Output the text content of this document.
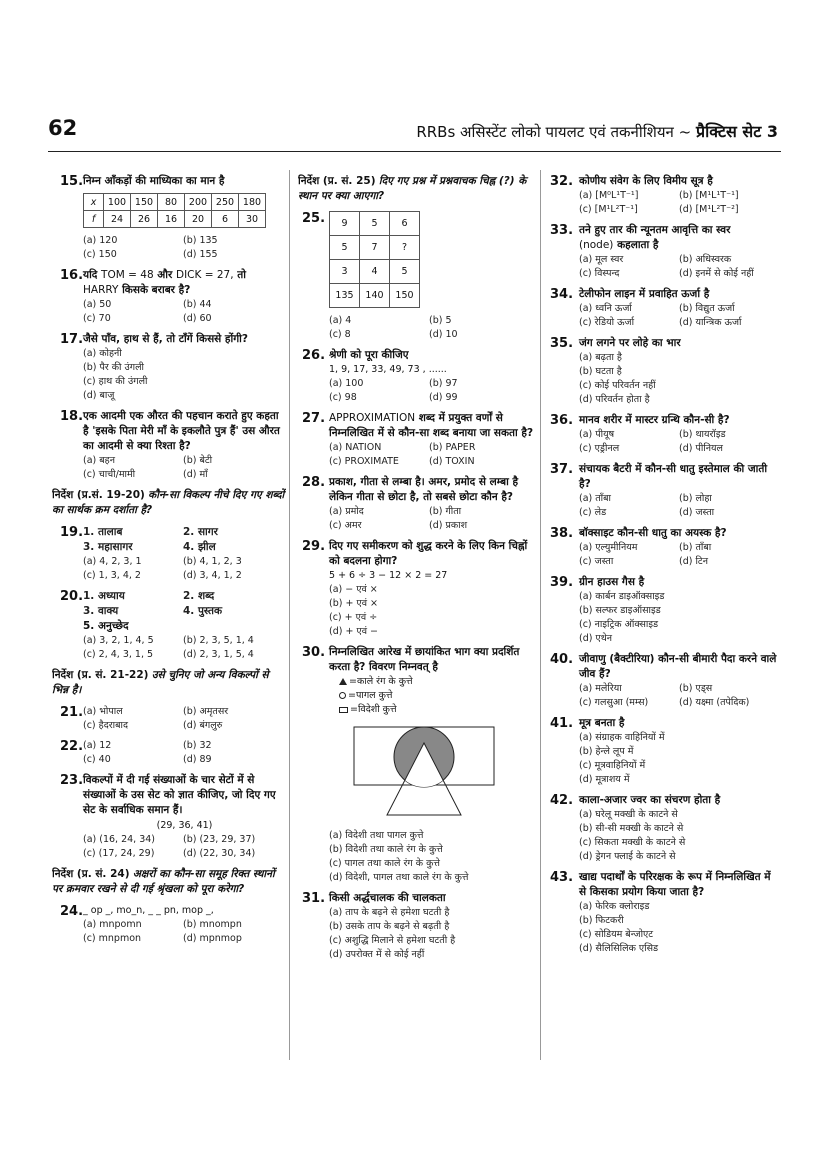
62	RRBs असिस्टेंट लोको पायलट एवं तकनीशियन ~ प्रैक्टिस सेट 3
15. निम्न आँकड़ों की माध्यिका का मान है
x	100	150	80	200	250	180
f	24	26	16	20	6	30
(a) 120	(b) 135
(c) 150	(d) 155
16. यदि TOM = 48 और DICK = 27, तो
HARRY किसके बराबर है?
(a) 50	(b) 44
(c) 70	(d) 60
17. जैसे पाँव, हाथ से हैं, तो टाँगें किससे होंगी?
(a) कोहनी
(b) पैर की उंगली
(c) हाथ की उंगली
(d) बाजू
18. एक आदमी एक औरत की पहचान कराते हुए कहता है 'इसके पिता मेरी माँ के इकलौते पुत्र हैं' उस औरत का आदमी से क्या रिश्ता है?
(a) बहन	(b) बेटी
(c) चाची/मामी	(d) माँ
निर्देश (प्र.सं. 19-20) कौन-सा विकल्प नीचे दिए गए शब्दों का सार्थक क्रम दर्शाता है?
19. 1. तालाब	2. सागर
3. महासागर	4. झील
(a) 4, 2, 3, 1	(b) 4, 1, 2, 3
(c) 1, 3, 4, 2	(d) 3, 4, 1, 2
20. 1. अध्याय	2. शब्द
3. वाक्य	4. पुस्तक
5. अनुच्छेद
(a) 3, 2, 1, 4, 5	(b) 2, 3, 5, 1, 4
(c) 2, 4, 3, 1, 5	(d) 2, 3, 1, 5, 4
निर्देश (प्र. सं. 21-22) उसे चुनिए जो अन्य विकल्पों से भिन्न है।
21. (a) भोपाल	(b) अमृतसर
(c) हैदराबाद	(d) बंगलुरु
22. (a) 12	(b) 32
(c) 40	(d) 89
23. विकल्पों में दी गई संख्याओं के चार सेटों में से संख्याओं के उस सेट को ज्ञात कीजिए, जो दिए गए सेट के सर्वाधिक समान हैं।
(29, 36, 41)
(a) (16, 24, 34)	(b) (23, 29, 37)
(c) (17, 24, 29)	(d) (22, 30, 34)
निर्देश (प्र. सं. 24) अक्षरों का कौन-सा समूह रिक्त स्थानों पर क्रमवार रखने से दी गई श्रृंखला को पूरा करेगा?
24. _ op _, mo_n, _ _ pn, mop _,
(a) mnpomn	(b) mnompn
(c) mnpmon	(d) mpnmop
निर्देश (प्र. सं. 25) दिए गए प्रश्न में प्रश्नवाचक चिह्न (?) के स्थान पर क्या आएगा?
25. 9	5	6
5	7	?
3	4	5
135	140	150
(a) 4	(b) 5
(c) 8	(d) 10
26. श्रेणी को पूरा कीजिए
1, 9, 17, 33, 49, 73 , ......
(a) 100	(b) 97
(c) 98	(d) 99
27. APPROXIMATION शब्द में प्रयुक्त वर्णों से निम्नलिखित में से कौन-सा शब्द बनाया जा सकता है?
(a) NATION	(b) PAPER
(c) PROXIMATE	(d) TOXIN
28. प्रकाश, गीता से लम्बा है। अमर, प्रमोद से लम्बा है लेकिन गीता से छोटा है, तो सबसे छोटा कौन है?
(a) प्रमोद	(b) गीता
(c) अमर	(d) प्रकाश
29. दिए गए समीकरण को शुद्ध करने के लिए किन चिह्नों को बदलना होगा?
5 + 6 ÷ 3 − 12 × 2 = 27
(a) − एवं ×
(b) + एवं ×
(c) + एवं ÷
(d) + एवं −
30. निम्नलिखित आरेख में छायांकित भाग क्या प्रदर्शित करता है? विवरण निम्नवत् है
=काले रंग के कुत्ते
=पागल कुत्ते
=विदेशी कुत्ते
(a) विदेशी तथा पागल कुत्ते
(b) विदेशी तथा काले रंग के कुत्ते
(c) पागल तथा काले रंग के कुत्ते
(d) विदेशी, पागल तथा काले रंग के कुत्ते
31. किसी अर्द्धचालक की चालकता
(a) ताप के बढ़ने से हमेशा घटती है
(b) उसके ताप के बढ़ने से बढ़ती है
(c) अशुद्धि मिलाने से हमेशा घटती है
(d) उपरोक्त में से कोई नहीं
32. कोणीय संवेग के लिए विमीय सूत्र है
(a) [M⁰L¹T⁻¹]	(b) [M¹L¹T⁻¹]
(c) [M¹L²T⁻¹]	(d) [M¹L²T⁻²]
33. तने हुए तार की न्यूनतम आवृत्ति का स्वर
(node) कहलाता है
(a) मूल स्वर	(b) अधिस्वरक
(c) विस्पन्द	(d) इनमें से कोई नहीं
34. टेलीफोन लाइन में प्रवाहित ऊर्जा है
(a) ध्वनि ऊर्जा	(b) विद्युत ऊर्जा
(c) रेडियो ऊर्जा	(d) यान्त्रिक ऊर्जा
35. जंग लगने पर लोहे का भार
(a) बढ़ता है
(b) घटता है
(c) कोई परिवर्तन नहीं
(d) परिवर्तन होता है
36. मानव शरीर में मास्टर ग्रन्थि कौन-सी है?
(a) पीयूष	(b) थायरॉइड
(c) एड्रीनल	(d) पीनियल
37. संचायक बैटरी में कौन-सी धातु इस्तेमाल की जाती है?
(a) ताँबा	(b) लोहा
(c) लेड	(d) जस्ता
38. बॉक्साइट कौन-सी धातु का अयस्क है?
(a) एल्युमीनियम	(b) ताँबा
(c) जस्ता	(d) टिन
39. ग्रीन हाउस गैस है
(a) कार्बन डाइऑक्साइड
(b) सल्फर डाइऑसाइड
(c) नाइट्रिक ऑक्साइड
(d) एथेन
40. जीवाणु (बैक्टीरिया) कौन-सी बीमारी पैदा करने वाले जीव हैं?
(a) मलेरिया	(b) एड्स
(c) गलसुआ (मम्स)	(d) यक्ष्मा (तपेदिक)
41. मूत्र बनता है
(a) संग्राहक वाहिनियों में
(b) हेन्ले लूप में
(c) मूत्रवाहिनियों में
(d) मूत्राशय में
42. काला-अजार ज्वर का संचरण होता है
(a) घरेलू मक्खी के काटने से
(b) सी-सी मक्खी के काटने से
(c) सिकता मक्खी के काटने से
(d) ड्रेगन फ्लाई के काटने से
43. खाद्य पदार्थों के परिरक्षक के रूप में निम्नलिखित में से किसका प्रयोग किया जाता है?
(a) फेरिक क्लोराइड
(b) फिटकरी
(c) सोडियम बेन्जोएट
(d) सैलिसिलिक एसिड
